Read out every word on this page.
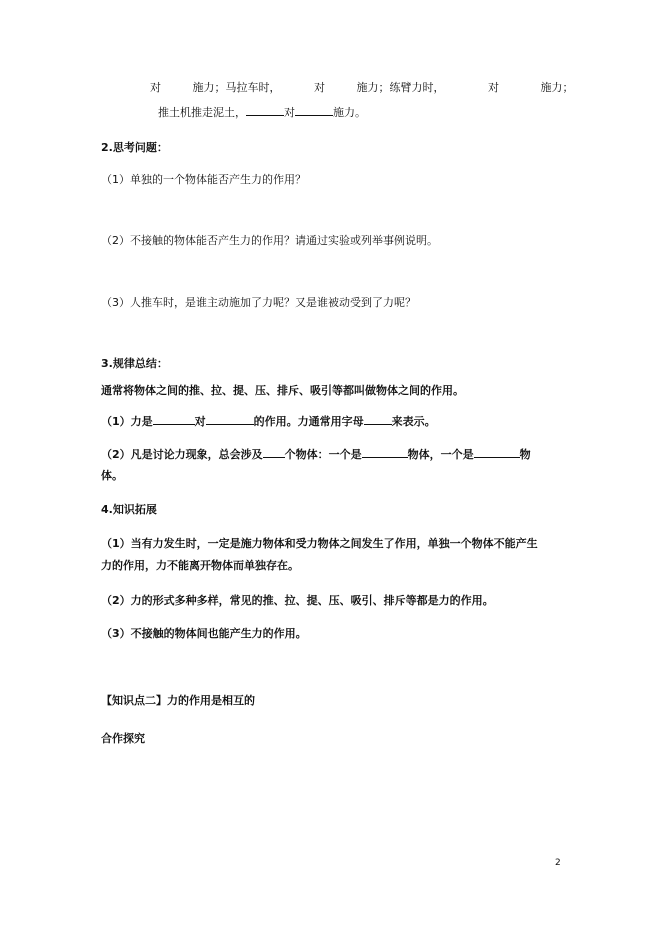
对	施力；马拉车时，	对	施力；练臂力时，	对	施力；
推土机推走泥土，	对	施力。
2.思考问题：
（1）单独的一个物体能否产生力的作用？
（2）不接触的物体能否产生力的作用？请通过实验或列举事例说明。
（3）人推车时，是谁主动施加了力呢？又是谁被动受到了力呢？
3.规律总结：
通常将物体之间的推、拉、提、压、排斥、吸引等都叫做物体之间的作用。
（1）力是	对	的作用。力通常用字母	来表示。
（2）凡是讨论力现象，总会涉及 个物体：一个是	物体，一个是	物
体。
4.知识拓展
（1）当有力发生时，一定是施力物体和受力物体之间发生了作用，单独一个物体不能产生
力的作用，力不能离开物体而单独存在。
（2）力的形式多种多样，常见的推、拉、提、压、吸引、排斥等都是力的作用。
（3）不接触的物体间也能产生力的作用。
【知识点二】力的作用是相互的
合作探究
2
